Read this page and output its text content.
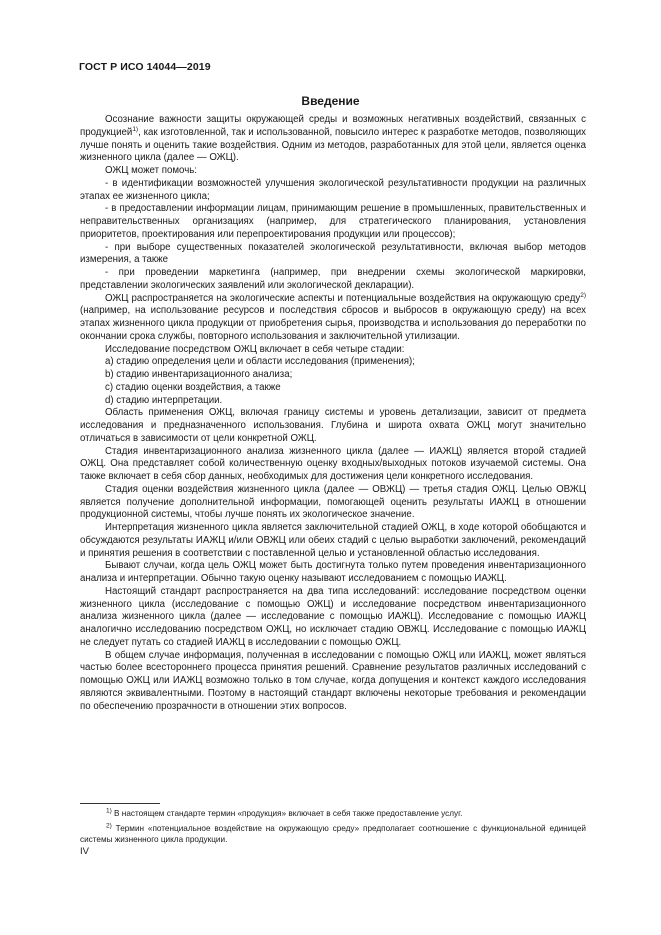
ГОСТ Р ИСО 14044—2019
Введение

Осознание важности защиты окружающей среды и возможных негативных воздействий, связанных с продукцией$^{1)}$, как изготовленной, так и использованной, повысило интерес к разработке методов, позволяющих лучше понять и оценить такие воздействия. Одним из методов, разработанных для этой цели, является оценка жизненного цикла (далее — ОЖЦ).

ОЖЦ может помочь:

- в идентификации возможностей улучшения экологической результативности продукции на различных этапах ее жизненного цикла;

- в предоставлении информации лицам, принимающим решение в промышленных, правительственных и неправительственных организациях (например, для стратегического планирования, установления приоритетов, проектирования или перепроектирования продукции или процессов);

- при выборе существенных показателей экологической результативности, включая выбор методов измерения, а также

- при проведении маркетинга (например, при внедрении схемы экологической маркировки, представлении экологических заявлений или экологической декларации).

ОЖЦ распространяется на экологические аспекты и потенциальные воздействия на окружающую среду$^{2)}$ (например, на использование ресурсов и последствия сбросов и выбросов в окружающую среду) на всех этапах жизненного цикла продукции от приобретения сырья, производства и использования до переработки по окончании срока службы, повторного использования и заключительной утилизации.

Исследование посредством ОЖЦ включает в себя четыре стадии:

a) стадию определения цели и области исследования (применения);

b) стадию инвентаризационного анализа;

c) стадию оценки воздействия, а также

d) стадию интерпретации.

Область применения ОЖЦ, включая границу системы и уровень детализации, зависит от предмета исследования и предназначенного использования. Глубина и широта охвата ОЖЦ могут значительно отличаться в зависимости от цели конкретной ОЖЦ.

Стадия инвентаризационного анализа жизненного цикла (далее — ИАЖЦ) является второй стадией ОЖЦ. Она представляет собой количественную оценку входных/выходных потоков изучаемой системы. Она также включает в себя сбор данных, необходимых для достижения цели конкретного исследования.

Стадия оценки воздействия жизненного цикла (далее — ОВЖЦ) — третья стадия ОЖЦ. Целью ОВЖЦ является получение дополнительной информации, помогающей оценить результаты ИАЖЦ в отношении продукционной системы, чтобы лучше понять их экологическое значение.

Интерпретация жизненного цикла является заключительной стадией ОЖЦ, в ходе которой обобщаются и обсуждаются результаты ИАЖЦ и/или ОВЖЦ или обеих стадий с целью выработки заключений, рекомендаций и принятия решения в соответствии с поставленной целью и установленной областью исследования.

Бывают случаи, когда цель ОЖЦ может быть достигнута только путем проведения инвентаризационного анализа и интерпретации. Обычно такую оценку называют исследованием с помощью ИАЖЦ.

Настоящий стандарт распространяется на два типа исследований: исследование посредством оценки жизненного цикла (исследование с помощью ОЖЦ) и исследование посредством инвентаризационного анализа жизненного цикла (далее — исследование с помощью ИАЖЦ). Исследование с помощью ИАЖЦ аналогично исследованию посредством ОЖЦ, но исключает стадию ОВЖЦ. Исследование с помощью ИАЖЦ не следует путать со стадией ИАЖЦ в исследовании с помощью ОЖЦ.

В общем случае информация, полученная в исследовании с помощью ОЖЦ или ИАЖЦ, может являться частью более всестороннего процесса принятия решений. Сравнение результатов различных исследований с помощью ОЖЦ или ИАЖЦ возможно только в том случае, когда допущения и контекст каждого исследования являются эквивалентными. Поэтому в настоящий стандарт включены некоторые требования и рекомендации по обеспечению прозрачности в отношении этих вопросов.

$^{1)}$ В настоящем стандарте термин «продукция» включает в себя также предоставление услуг.

$^{2)}$ Термин «потенциальное воздействие на окружающую среду» предполагает соотношение с функциональной единицей системы жизненного цикла продукции.

IV
